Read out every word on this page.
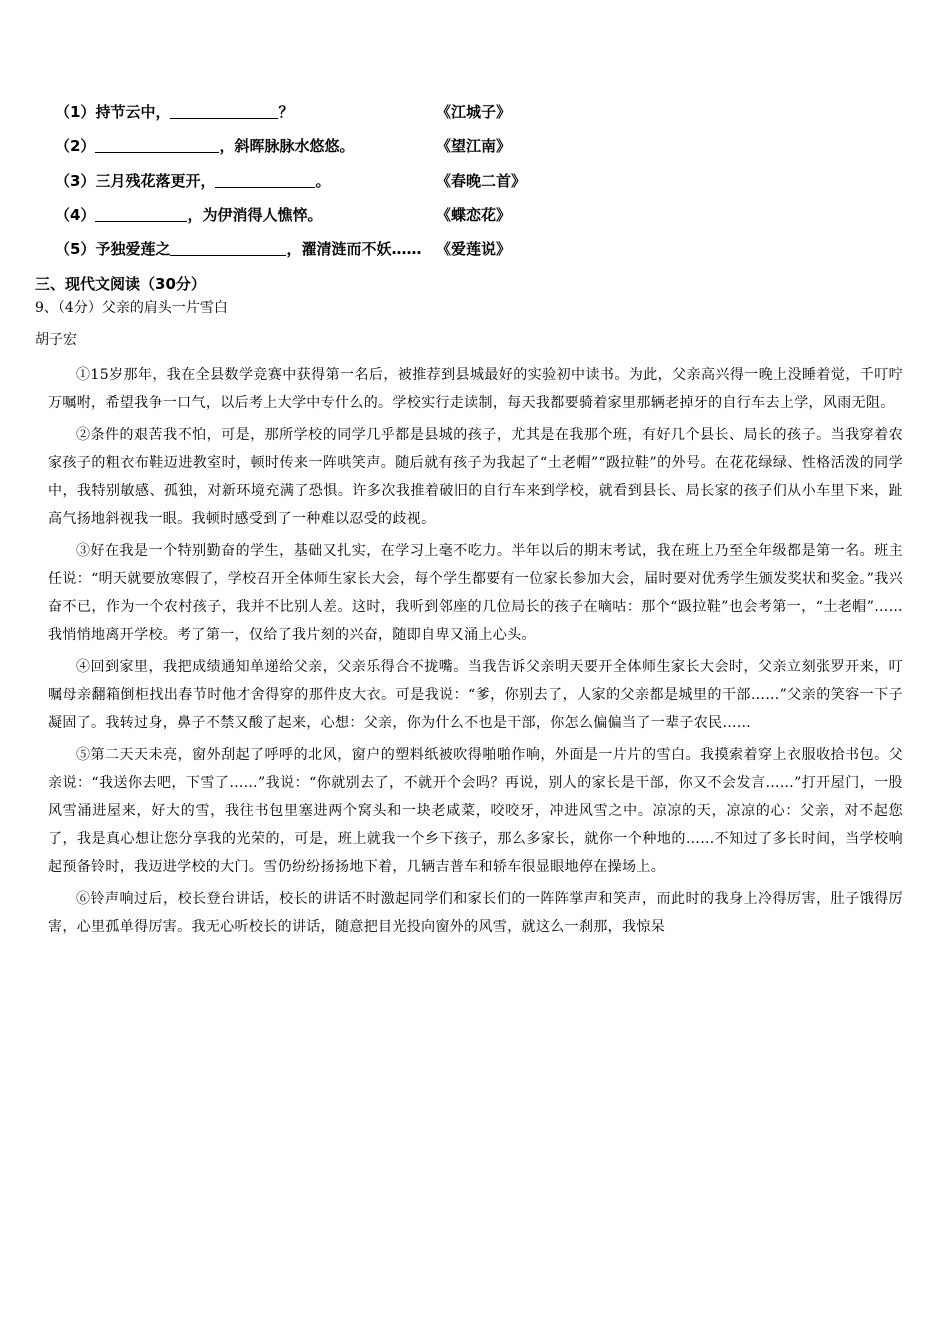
（1）持节云中，	？	《江城子》
（2）	，斜晖脉脉水悠悠。	《望江南》
（3）三月残花落更开，	。	《春晚二首》
（4）	，为伊消得人憔悴。	《蝶恋花》
（5）予独爱莲之	，濯清涟而不妖…… 《爱莲说》
三、现代文阅读（30分）
9、（4分）父亲的肩头一片雪白
胡子宏

①15岁那年，我在全县数学竞赛中获得第一名后，被推荐到县城最好的实验初中读书。为此，父亲高兴得一晚上没睡着觉，千叮咛万嘱咐，希望我争一口气，以后考上大学中专什么的。学校实行走读制，每天我都要骑着家里那辆老掉牙的自行车去上学，风雨无阻。

②条件的艰苦我不怕，可是，那所学校的同学几乎都是县城的孩子，尤其是在我那个班，有好几个县长、局长的孩子。当我穿着农家孩子的粗衣布鞋迈进教室时，顿时传来一阵哄笑声。随后就有孩子为我起了“土老帽”“趿拉鞋”的外号。在花花绿绿、性格活泼的同学中，我特别敏感、孤独，对新环境充满了恐惧。许多次我推着破旧的自行车来到学校，就看到县长、局长家的孩子们从小车里下来，趾高气扬地斜视我一眼。我顿时感受到了一种难以忍受的歧视。

③好在我是一个特别勤奋的学生，基础又扎实，在学习上毫不吃力。半年以后的期末考试，我在班上乃至全年级都是第一名。班主任说：“明天就要放寒假了，学校召开全体师生家长大会，每个学生都要有一位家长参加大会，届时要对优秀学生颁发奖状和奖金。”我兴奋不已，作为一个农村孩子，我并不比别人差。这时，我听到邻座的几位局长的孩子在嘀咕：那个“趿拉鞋”也会考第一，“土老帽”……我悄悄地离开学校。考了第一，仅给了我片刻的兴奋，随即自卑又涌上心头。

④回到家里，我把成绩通知单递给父亲，父亲乐得合不拢嘴。当我告诉父亲明天要开全体师生家长大会时，父亲立刻张罗开来，叮嘱母亲翻箱倒柜找出春节时他才舍得穿的那件皮大衣。可是我说：“爹，你别去了，人家的父亲都是城里的干部……”父亲的笑容一下子凝固了。我转过身，鼻子不禁又酸了起来，心想：父亲，你为什么不也是干部，你怎么偏偏当了一辈子农民……

⑤第二天天未亮，窗外刮起了呼呼的北风，窗户的塑料纸被吹得啪啪作响，外面是一片片的雪白。我摸索着穿上衣服收拾书包。父亲说：“我送你去吧，下雪了……”我说：“你就别去了，不就开个会吗？再说，别人的家长是干部，你又不会发言……”打开屋门，一股风雪涌进屋来，好大的雪，我往书包里塞进两个窝头和一块老咸菜，咬咬牙，冲进风雪之中。凉凉的天，凉凉的心：父亲，对不起您了，我是真心想让您分享我的光荣的，可是，班上就我一个乡下孩子，那么多家长，就你一个种地的……不知过了多长时间，当学校响起预备铃时，我迈进学校的大门。雪仍纷纷扬扬地下着，几辆吉普车和轿车很显眼地停在操场上。

⑥铃声响过后，校长登台讲话，校长的讲话不时激起同学们和家长们的一阵阵掌声和笑声，而此时的我身上冷得厉害，肚子饿得厉害，心里孤单得厉害。我无心听校长的讲话，随意把目光投向窗外的风雪，就这么一刹那，我惊呆
